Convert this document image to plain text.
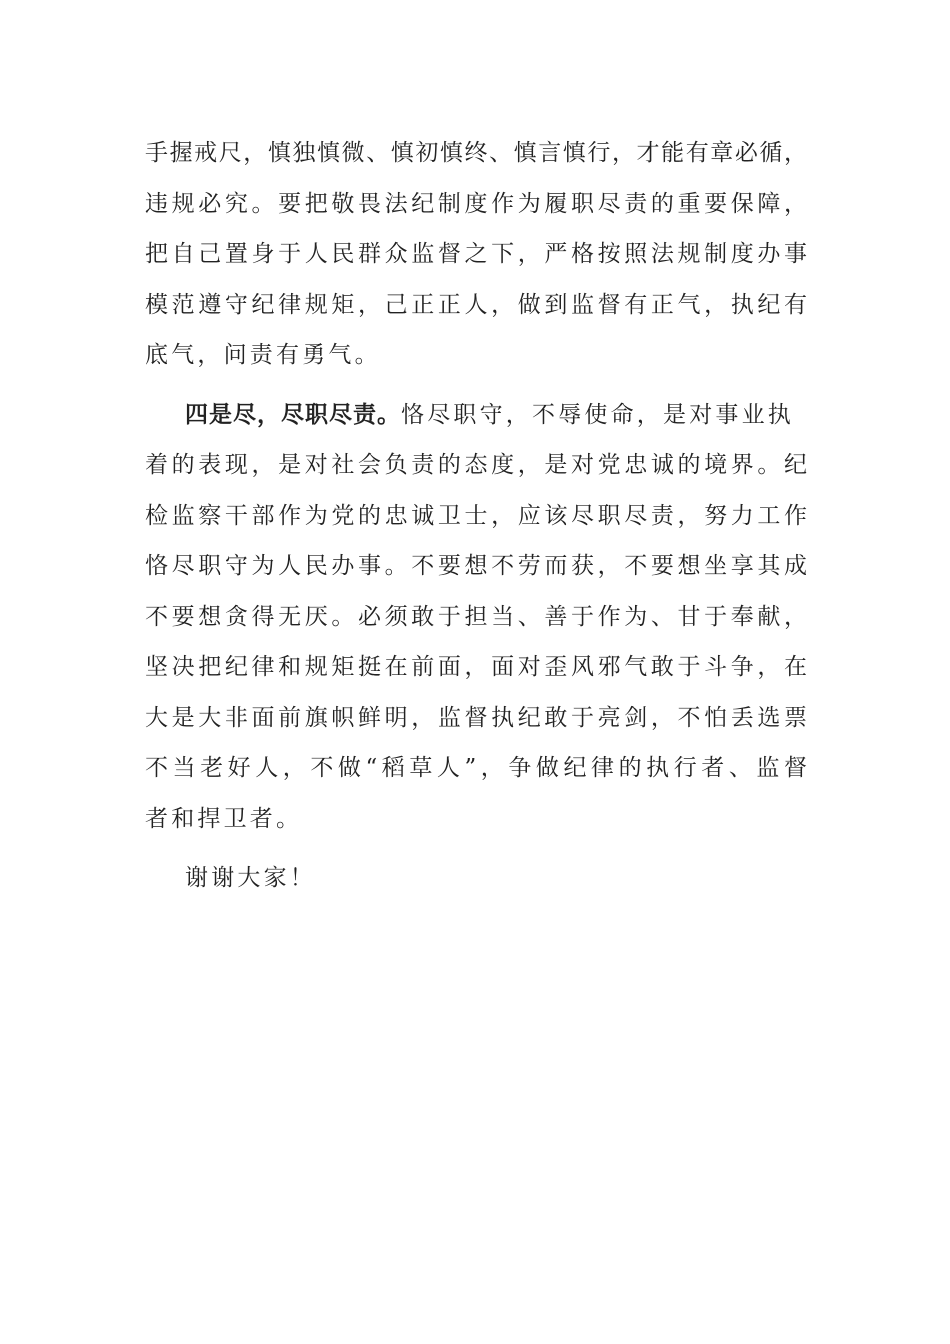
手握戒尺，慎独慎微、慎初慎终、慎言慎行，才能有章必循，
违规必究。要把敬畏法纪制度作为履职尽责的重要保障，
把自己置身于人民群众监督之下，严格按照法规制度办事
模范遵守纪律规矩，己正正人，做到监督有正气，执纪有
底气，问责有勇气。
四是尽，尽职尽责。恪尽职守，不辱使命，是对事业执
着的表现，是对社会负责的态度，是对党忠诚的境界。纪
检监察干部作为党的忠诚卫士，应该尽职尽责，努力工作
恪尽职守为人民办事。不要想不劳而获，不要想坐享其成
不要想贪得无厌。必须敢于担当、善于作为、甘于奉献，
坚决把纪律和规矩挺在前面，面对歪风邪气敢于斗争，在
大是大非面前旗帜鲜明，监督执纪敢于亮剑，不怕丢选票
不当老好人，不做“稻草人”，争做纪律的执行者、监督
者和捍卫者。
谢谢大家！
